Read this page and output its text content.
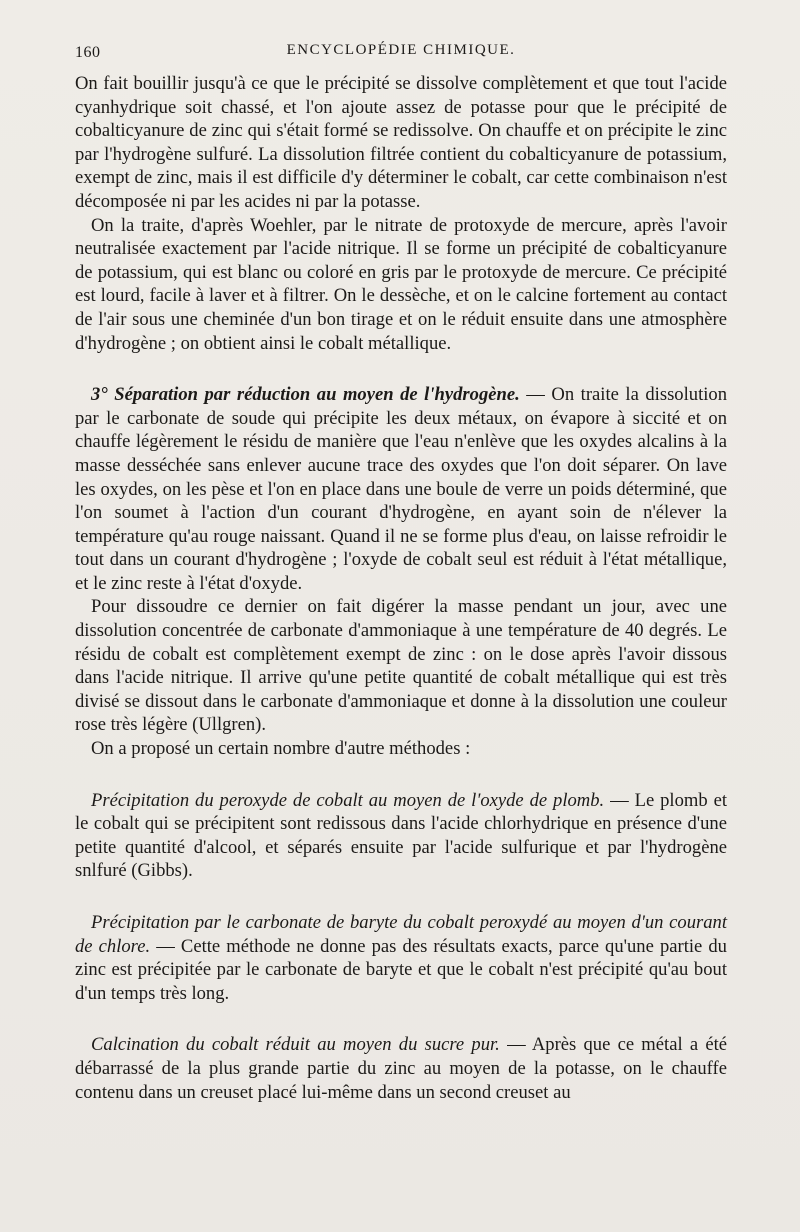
160	ENCYCLOPÉDIE CHIMIQUE.

On fait bouillir jusqu'à ce que le précipité se dissolve complètement et que tout l'acide cyanhydrique soit chassé, et l'on ajoute assez de potasse pour que le précipité de cobalticyanure de zinc qui s'était formé se redissolve. On chauffe et on précipite le zinc par l'hydrogène sulfuré. La dissolution filtrée contient du cobalticyanure de potassium, exempt de zinc, mais il est difficile d'y déterminer le cobalt, car cette combinaison n'est décomposée ni par les acides ni par la potasse.

On la traite, d'après Woehler, par le nitrate de protoxyde de mercure, après l'avoir neutralisée exactement par l'acide nitrique. Il se forme un précipité de cobalticyanure de potassium, qui est blanc ou coloré en gris par le protoxyde de mercure. Ce précipité est lourd, facile à laver et à filtrer. On le dessèche, et on le calcine fortement au contact de l'air sous une cheminée d'un bon tirage et on le réduit ensuite dans une atmosphère d'hydrogène ; on obtient ainsi le cobalt métallique.

3° Séparation par réduction au moyen de l'hydrogène. — On traite la dissolution par le carbonate de soude qui précipite les deux métaux, on évapore à siccité et on chauffe légèrement le résidu de manière que l'eau n'enlève que les oxydes alcalins à la masse desséchée sans enlever aucune trace des oxydes que l'on doit séparer. On lave les oxydes, on les pèse et l'on en place dans une boule de verre un poids déterminé, que l'on soumet à l'action d'un courant d'hydrogène, en ayant soin de n'élever la température qu'au rouge naissant. Quand il ne se forme plus d'eau, on laisse refroidir le tout dans un courant d'hydrogène ; l'oxyde de cobalt seul est réduit à l'état métallique, et le zinc reste à l'état d'oxyde.

Pour dissoudre ce dernier on fait digérer la masse pendant un jour, avec une dissolution concentrée de carbonate d'ammoniaque à une température de 40 degrés. Le résidu de cobalt est complètement exempt de zinc : on le dose après l'avoir dissous dans l'acide nitrique. Il arrive qu'une petite quantité de cobalt métallique qui est très divisé se dissout dans le carbonate d'ammoniaque et donne à la dissolution une couleur rose très légère (Ullgren).

On a proposé un certain nombre d'autre méthodes :

Précipitation du peroxyde de cobalt au moyen de l'oxyde de plomb. — Le plomb et le cobalt qui se précipitent sont redissous dans l'acide chlorhydrique en présence d'une petite quantité d'alcool, et séparés ensuite par l'acide sulfurique et par l'hydrogène snlfuré (Gibbs).

Précipitation par le carbonate de baryte du cobalt peroxydé au moyen d'un courant de chlore. — Cette méthode ne donne pas des résultats exacts, parce qu'une partie du zinc est précipitée par le carbonate de baryte et que le cobalt n'est précipité qu'au bout d'un temps très long.

Calcination du cobalt réduit au moyen du sucre pur. — Après que ce métal a été débarrassé de la plus grande partie du zinc au moyen de la potasse, on le chauffe contenu dans un creuset placé lui-même dans un second creuset au
